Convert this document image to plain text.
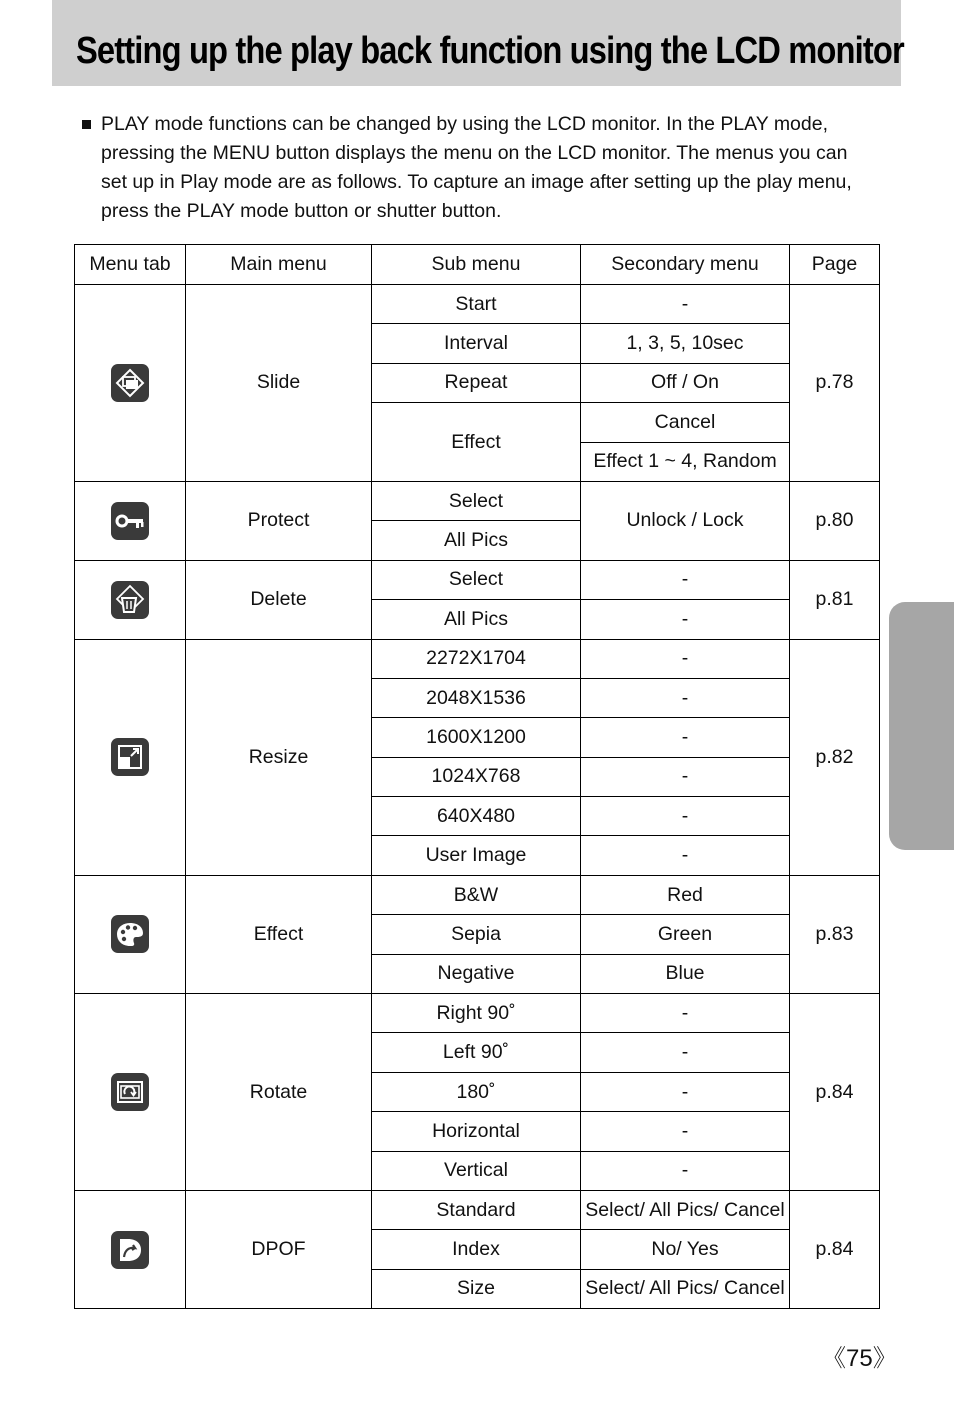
Setting up the play back function using the LCD monitor

PLAY mode functions can be changed by using the LCD monitor. In the PLAY mode, pressing the MENU button displays the menu on the LCD monitor. The menus you can set up in Play mode are as follows. To capture an image after setting up the play menu, press the PLAY mode button or shutter button.

Menu tab	Main menu	Sub menu	Secondary menu	Page

	Slide	Start	-	p.78
		Interval	1, 3, 5, 10sec	
		Repeat	Off / On	
		Effect	Cancel	
			Effect 1 ~ 4, Random	

	Protect	Select	Unlock / Lock	p.80
		All Pics		

	Delete	Select	-	p.81
		All Pics	-	

	Resize	2272X1704	-	p.82
		2048X1536	-	
		1600X1200	-	
		1024X768	-	
		640X480	-	
		User Image	-	

	Effect	B&W	Red	p.83
		Sepia	Green	
		Negative	Blue	

	Rotate	Right 90˚	-	p.84
		Left 90˚	-	
		180˚	-	
		Horizontal	-	
		Vertical	-	

	DPOF	Standard	Select/ All Pics/ Cancel	p.84
		Index	No/ Yes	
		Size	Select/ All Pics/ Cancel	
《75》
